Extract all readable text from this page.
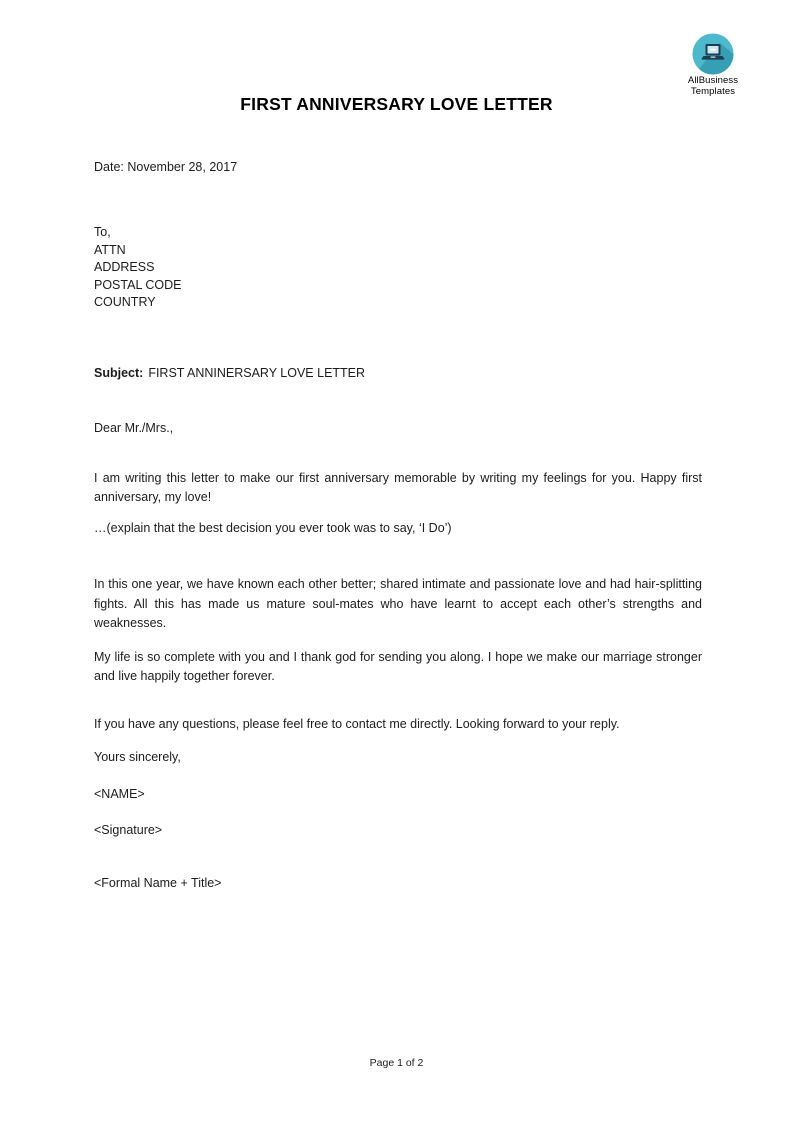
AllBusiness
Templates
FIRST ANNIVERSARY LOVE LETTER
Date: November 28, 2017
To,
ATTN
ADDRESS
POSTAL CODE
COUNTRY
Subject: FIRST ANNINERSARY LOVE LETTER
Dear Mr./Mrs.,
I am writing this letter to make our first anniversary memorable by writing my feelings for you. Happy first anniversary, my love!
…(explain that the best decision you ever took was to say, ‘I Do’)
In this one year, we have known each other better; shared intimate and passionate love and had hair-splitting fights. All this has made us mature soul-mates who have learnt to accept each other’s strengths and weaknesses.
My life is so complete with you and I thank god for sending you along. I hope we make our marriage stronger and live happily together forever.
If you have any questions, please feel free to contact me directly. Looking forward to your reply.
Yours sincerely,
<NAME>
<Signature>
<Formal Name + Title>
Page 1 of 2
